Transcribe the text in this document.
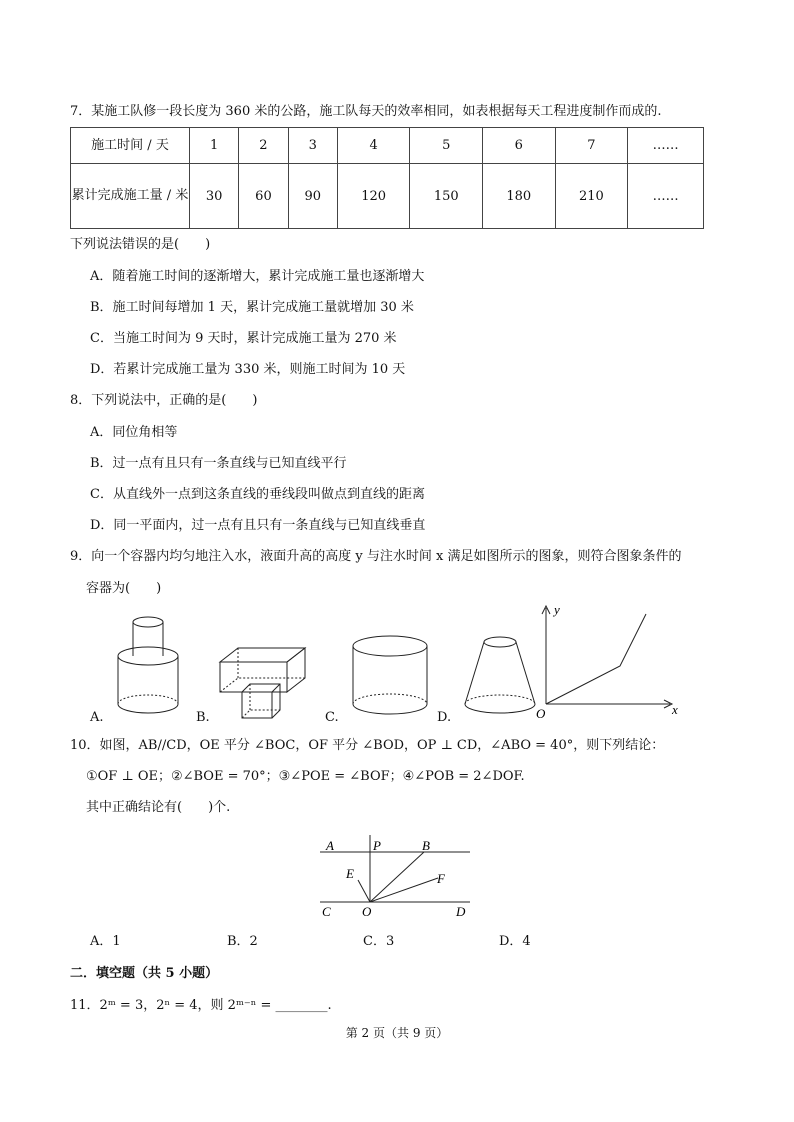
7．某施工队修一段长度为 360 米的公路，施工队每天的效率相同，如表根据每天工程进度制作而成的.
施工时间 / 天	1	2	3	4	5	6	7	……
累计完成施工量 / 米	30	60	90	120	150	180	210	……
下列说法错误的是(　　)
A．随着施工时间的逐渐增大，累计完成施工量也逐渐增大
B．施工时间每增加 1 天，累计完成施工量就增加 30 米
C．当施工时间为 9 天时，累计完成施工量为 270 米
D．若累计完成施工量为 330 米，则施工时间为 10 天
8．下列说法中，正确的是(　　)
A．同位角相等
B．过一点有且只有一条直线与已知直线平行
C．从直线外一点到这条直线的垂线段叫做点到直线的距离
D．同一平面内，过一点有且只有一条直线与已知直线垂直
9．向一个容器内均匀地注入水，液面升高的高度 y 与注水时间 x 满足如图所示的图象，则符合图象条件的
容器为(　　)
y
x
O
A.	B.	C.	D.
10．如图，AB//CD，OE 平分 ∠BOC，OF 平分 ∠BOD，OP ⊥ CD，∠ABO = 40°，则下列结论：
①OF ⊥ OE；②∠BOE = 70°；③∠POE = ∠BOF；④∠POB = 2∠DOF.
其中正确结论有(　　)个.
A	P	B
E	F
C O	D
A．1	B．2	C．3	D．4
二．填空题（共 5 小题）
11．2ᵐ = 3，2ⁿ = 4，则 2ᵐ⁻ⁿ = ________.
第 2 页（共 9 页）
